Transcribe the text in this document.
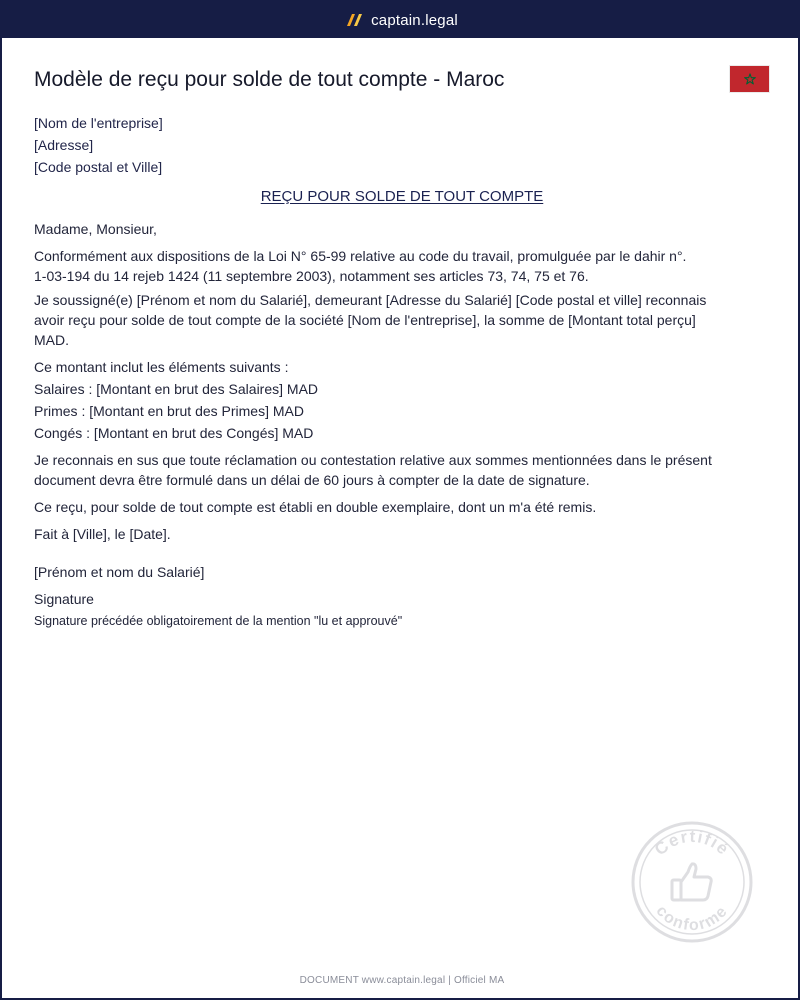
captain.legal
Modèle de reçu pour solde de tout compte - Maroc
[Nom de l'entreprise]
[Adresse]
[Code postal et Ville]
REÇU POUR SOLDE DE TOUT COMPTE
Madame, Monsieur,
Conformément aux dispositions de la Loi N° 65-99 relative au code du travail, promulguée par le dahir n°.
1-03-194 du 14 rejeb 1424 (11 septembre 2003), notamment ses articles 73, 74, 75 et 76.
Je soussigné(e) [Prénom et nom du Salarié], demeurant [Adresse du Salarié] [Code postal et ville] reconnais
avoir reçu pour solde de tout compte de la société [Nom de l'entreprise], la somme de [Montant total perçu]
MAD.
Ce montant inclut les éléments suivants :
Salaires : [Montant en brut des Salaires] MAD
Primes : [Montant en brut des Primes] MAD
Congés : [Montant en brut des Congés] MAD
Je reconnais en sus que toute réclamation ou contestation relative aux sommes mentionnées dans le présent
document devra être formulé dans un délai de 60 jours à compter de la date de signature.
Ce reçu, pour solde de tout compte est établi en double exemplaire, dont un m'a été remis.
Fait à [Ville], le [Date].
[Prénom et nom du Salarié]
Signature
Signature précédée obligatoirement de la mention "lu et approuvé"
Certifié
conforme
DOCUMENT www.captain.legal | Officiel MA
